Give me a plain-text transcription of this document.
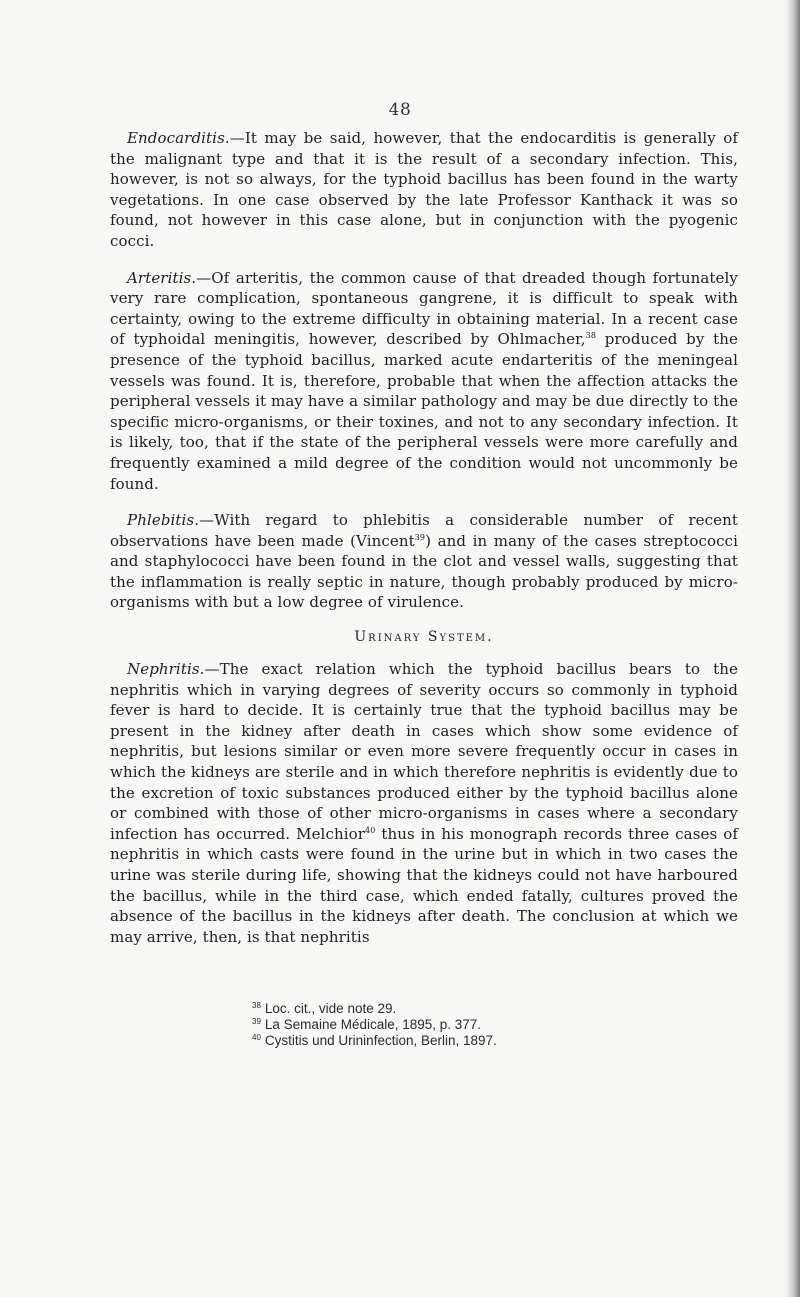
48

Endocarditis.—It may be said, however, that the endocarditis is generally of the malignant type and that it is the result of a secondary infection. This, however, is not so always, for the typhoid bacillus has been found in the warty vegetations. In one case observed by the late Professor Kanthack it was so found, not however in this case alone, but in conjunction with the pyogenic cocci.

Arteritis.—Of arteritis, the common cause of that dreaded though fortunately very rare complication, spontaneous gangrene, it is difficult to speak with certainty, owing to the extreme difficulty in obtaining material. In a recent case of typhoidal meningitis, however, described by Ohlmacher,$^{38}$ produced by the presence of the typhoid bacillus, marked acute endarteritis of the meningeal vessels was found. It is, therefore, probable that when the affection attacks the peripheral vessels it may have a similar pathology and may be due directly to the specific micro-organisms, or their toxines, and not to any secondary infection. It is likely, too, that if the state of the peripheral vessels were more carefully and frequently examined a mild degree of the condition would not uncommonly be found.

Phlebitis.—With regard to phlebitis a considerable number of recent observations have been made (Vincent$^{39}$) and in many of the cases streptococci and staphylococci have been found in the clot and vessel walls, suggesting that the inflammation is really septic in nature, though probably produced by micro-organisms with but a low degree of virulence.

Urinary System.

Nephritis.—The exact relation which the typhoid bacillus bears to the nephritis which in varying degrees of severity occurs so commonly in typhoid fever is hard to decide. It is certainly true that the typhoid bacillus may be present in the kidney after death in cases which show some evidence of nephritis, but lesions similar or even more severe frequently occur in cases in which the kidneys are sterile and in which therefore nephritis is evidently due to the excretion of toxic substances produced either by the typhoid bacillus alone or combined with those of other micro-organisms in cases where a secondary infection has occurred. Melchior$^{40}$ thus in his monograph records three cases of nephritis in which casts were found in the urine but in which in two cases the urine was sterile during life, showing that the kidneys could not have harboured the bacillus, while in the third case, which ended fatally, cultures proved the absence of the bacillus in the kidneys after death. The conclusion at which we may arrive, then, is that nephritis

$^{38}$ Loc. cit., vide note 29.
$^{39}$ La Semaine Médicale, 1895, p. 377.
$^{40}$ Cystitis und Urininfection, Berlin, 1897.
